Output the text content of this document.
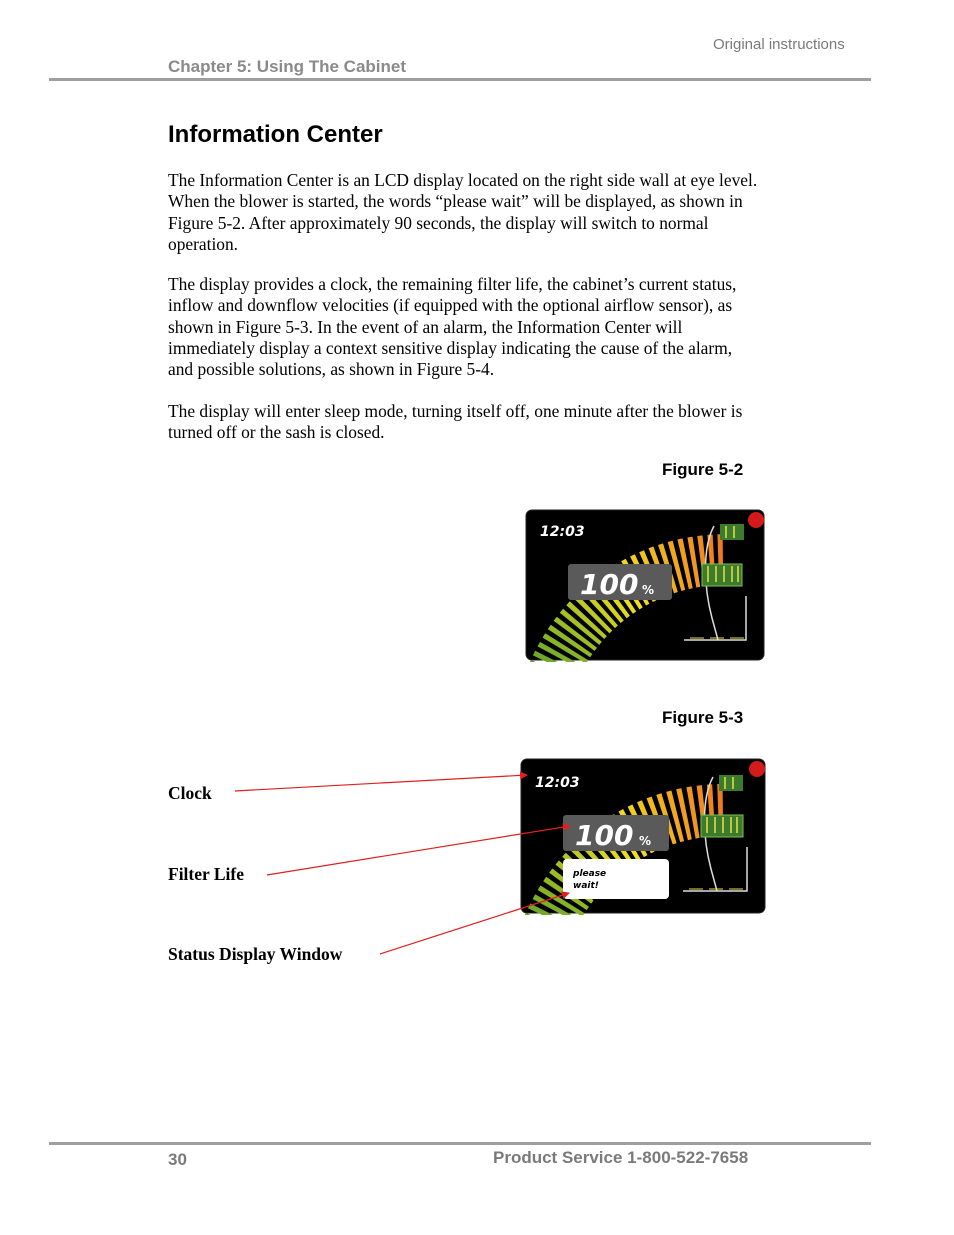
Original instructions
Chapter 5: Using The Cabinet
Information Center

The Information Center is an LCD display located on the right side wall at eye level. When the blower is started, the words “please wait” will be displayed, as shown in Figure 5-2. After approximately 90 seconds, the display will switch to normal operation.

The display provides a clock, the remaining filter life, the cabinet’s current status, inflow and downflow velocities (if equipped with the optional airflow sensor), as shown in Figure 5-3. In the event of an alarm, the Information Center will immediately display a context sensitive display indicating the cause of the alarm, and possible solutions, as shown in Figure 5-4.

The display will enter sleep mode, turning itself off, one minute after the blower is turned off or the sash is closed.

Figure 5-2
12:03
100 %
Figure 5-3
12:03
100 %
please
wait!
Clock
Filter Life
Status Display Window
30	Product Service 1-800-522-7658
